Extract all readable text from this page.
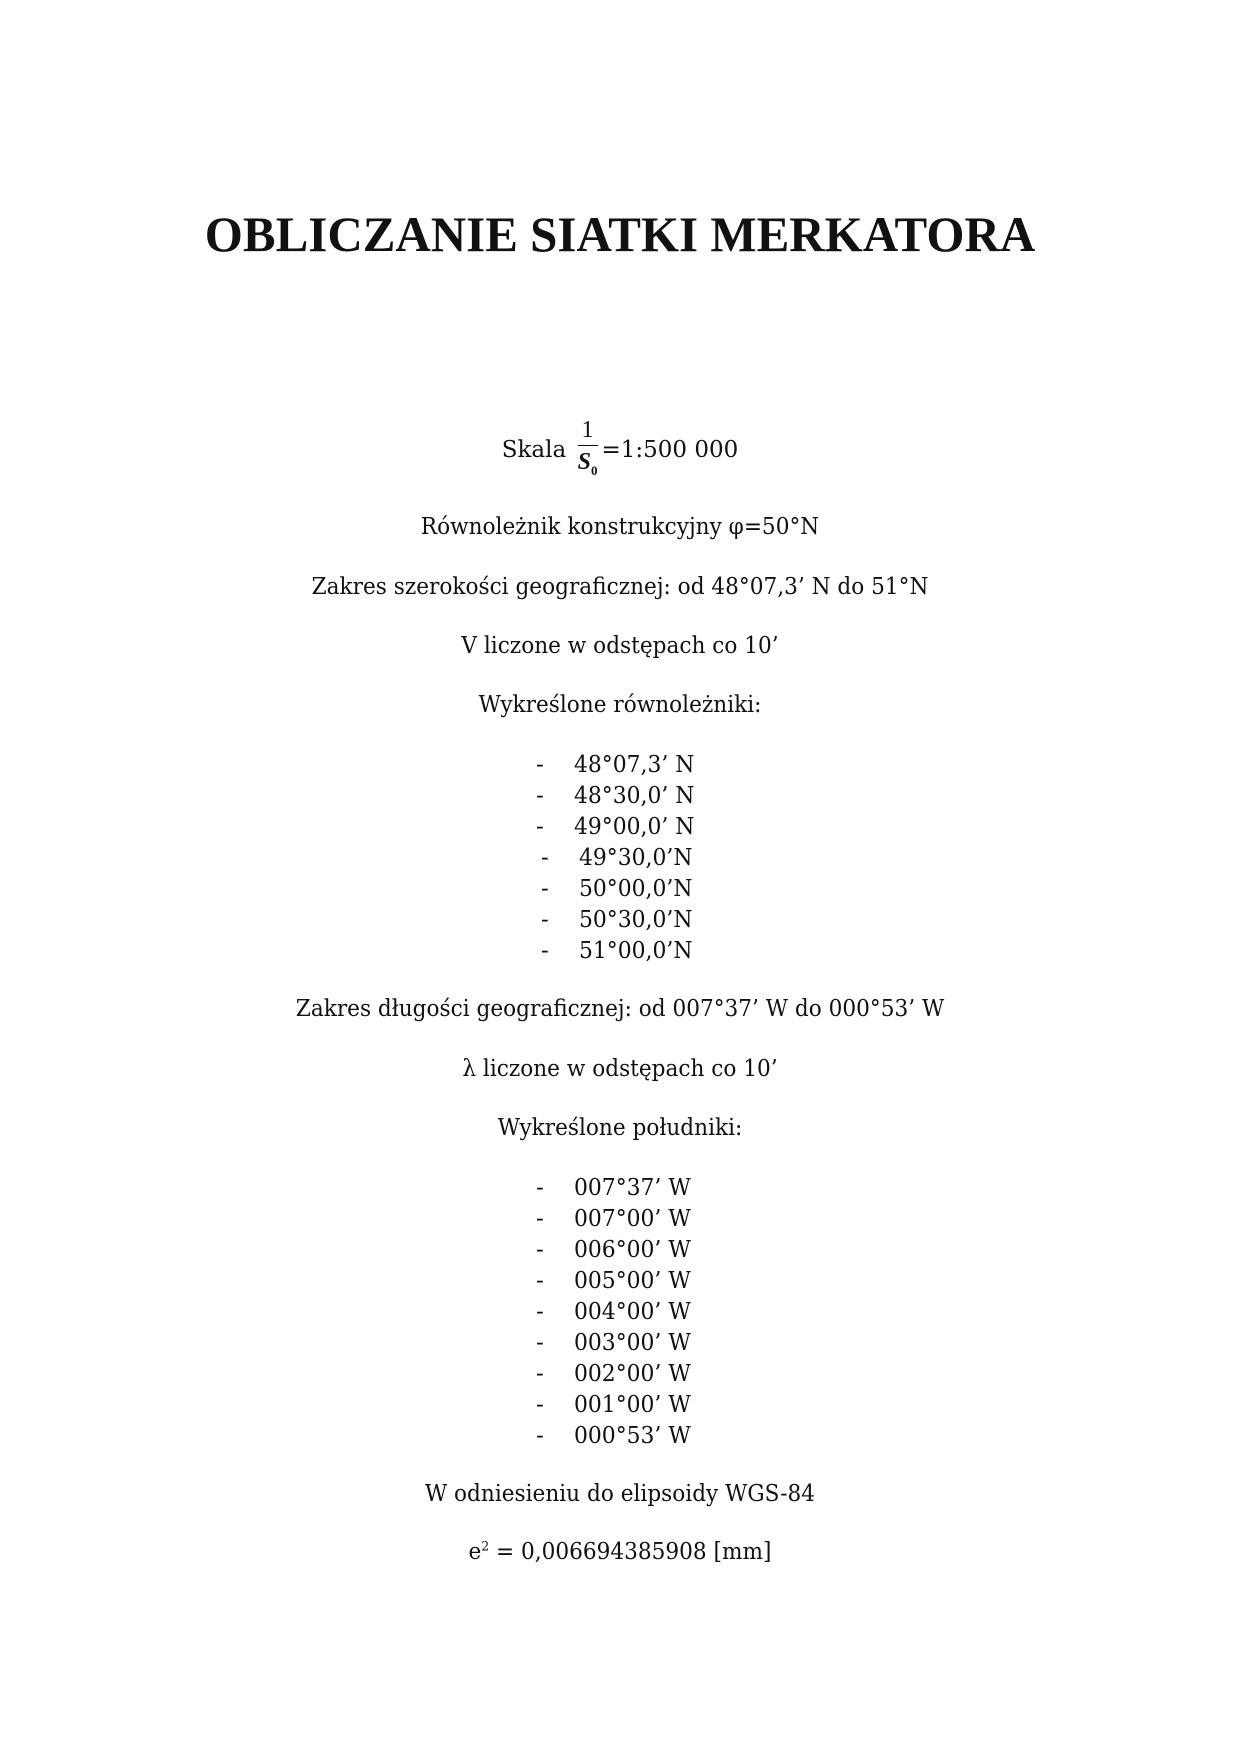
OBLICZANIE SIATKI MERKATORA
Skala $\frac{1}{S_0}$ =1:500 000
Równoleżnik konstrukcyjny φ=50°N
Zakres szerokości geograficznej: od 48°07,3’ N do 51°N
V liczone w odstępach co 10’
Wykreślone równoleżniki:
- 48°07,3’ N
- 48°30,0’ N
- 49°00,0’ N
- 49°30,0’N
- 50°00,0’N
- 50°30,0’N
- 51°00,0’N
Zakres długości geograficznej: od 007°37’ W do 000°53’ W
λ liczone w odstępach co 10’
Wykreślone południki:
- 007°37’ W
- 007°00’ W
- 006°00’ W
- 005°00’ W
- 004°00’ W
- 003°00’ W
- 002°00’ W
- 001°00’ W
- 000°53’ W
W odniesieniu do elipsoidy WGS-84
$e^2 = 0,006694385908$ [mm]
